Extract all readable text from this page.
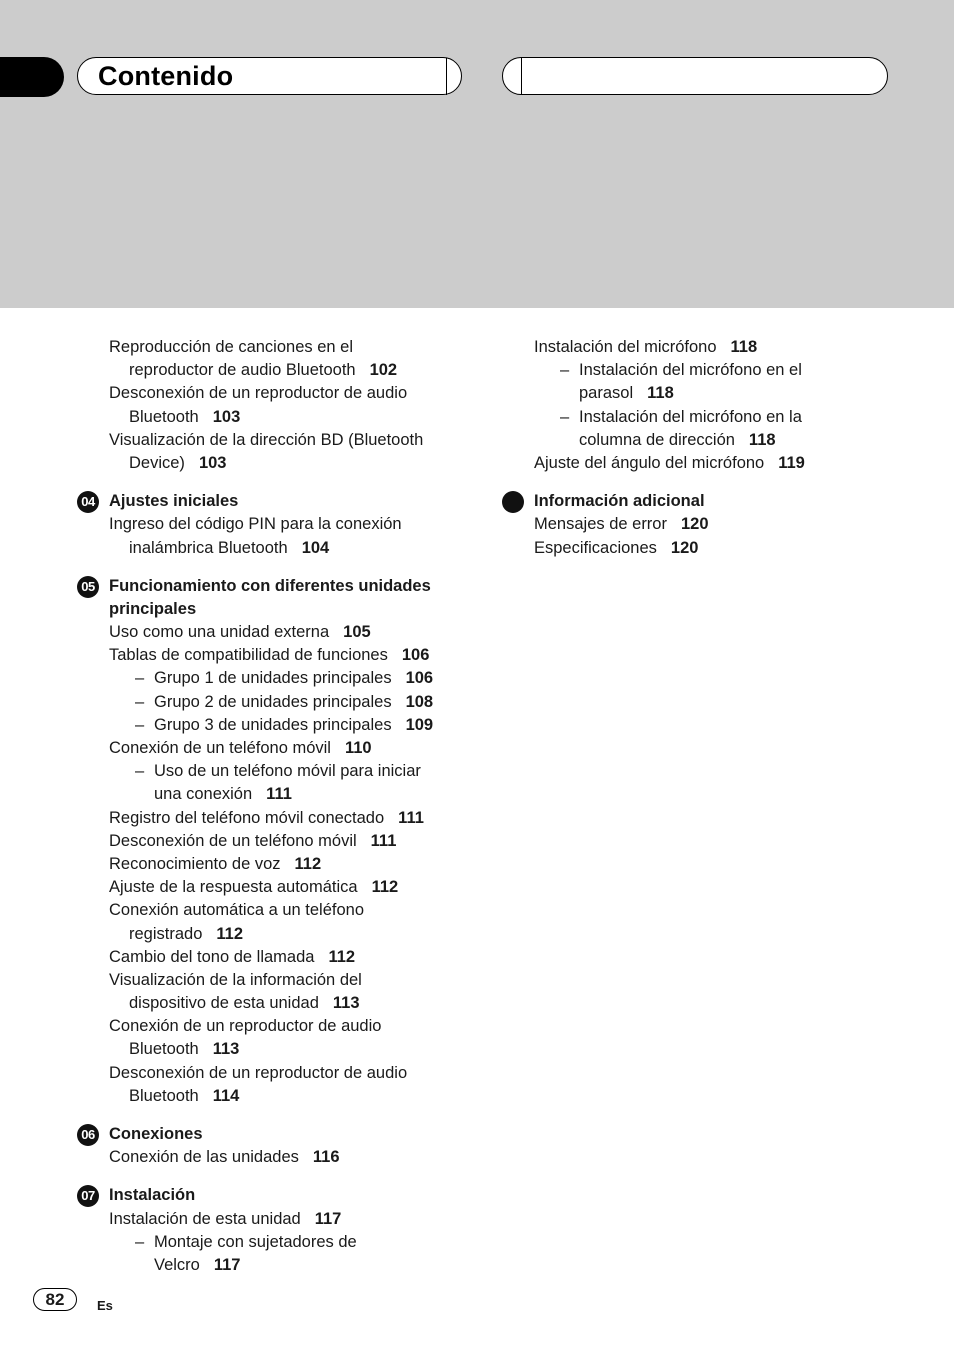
Contenido
Reproducción de canciones en el
reproductor de audio Bluetooth 102
Desconexión de un reproductor de audio
Bluetooth 103
Visualización de la dirección BD (Bluetooth
Device) 103
04 Ajustes iniciales
Ingreso del código PIN para la conexión
inalámbrica Bluetooth 104
05 Funcionamiento con diferentes unidades
principales
Uso como una unidad externa 105
Tablas de compatibilidad de funciones 106
– Grupo 1 de unidades principales 106
– Grupo 2 de unidades principales 108
– Grupo 3 de unidades principales 109
Conexión de un teléfono móvil 110
– Uso de un teléfono móvil para iniciar
una conexión 111
Registro del teléfono móvil conectado 111
Desconexión de un teléfono móvil 111
Reconocimiento de voz 112
Ajuste de la respuesta automática 112
Conexión automática a un teléfono
registrado 112
Cambio del tono de llamada 112
Visualización de la información del
dispositivo de esta unidad 113
Conexión de un reproductor de audio
Bluetooth 113
Desconexión de un reproductor de audio
Bluetooth 114
06 Conexiones
Conexión de las unidades 116
07 Instalación
Instalación de esta unidad 117
– Montaje con sujetadores de
Velcro 117
Instalación del micrófono 118
– Instalación del micrófono en el
parasol 118
– Instalación del micrófono en la
columna de dirección 118
Ajuste del ángulo del micrófono 119
Información adicional
Mensajes de error 120
Especificaciones 120
82	Es
